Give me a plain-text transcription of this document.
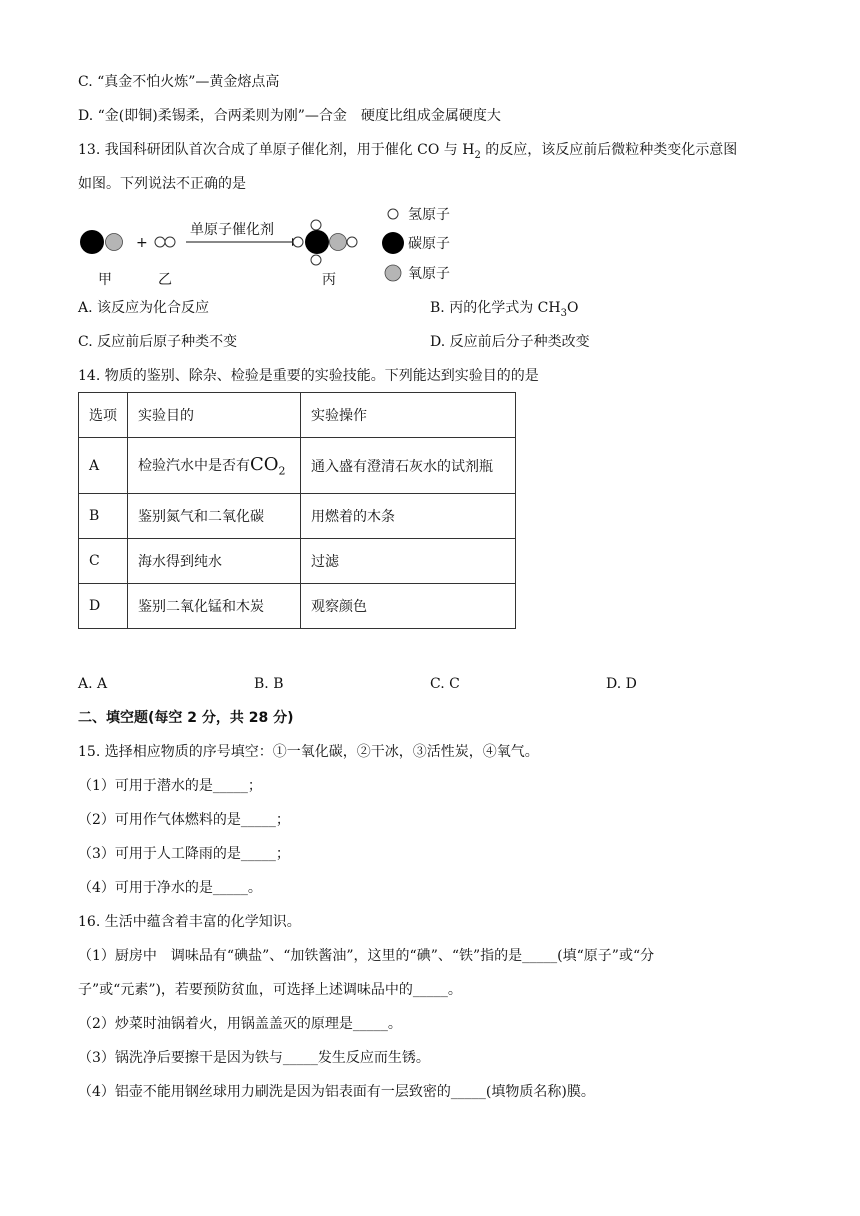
C. “真金不怕火炼”—黄金熔点高
D. “金(即铜)柔锡柔，合两柔则为刚”—合金　硬度比组成金属硬度大
13. 我国科研团队首次合成了单原子催化剂，用于催化 CO 与 $H_2$ 的反应，该反应前后微粒种类变化示意图
如图。下列说法不正确的是
+
单原子催化剂
氢原子
碳原子
氧原子
甲	乙	丙
A. 该反应为化合反应	B. 丙的化学式为 $CH_3O$
C. 反应前后原子种类不变	D. 反应前后分子种类改变
14. 物质的鉴别、除杂、检验是重要的实验技能。下列能达到实验目的的是
选项	实验目的	实验操作
A	检验汽水中是否有$CO_2$	通入盛有澄清石灰水的试剂瓶
B	鉴别氮气和二氧化碳	用燃着的木条
C	海水得到纯水	过滤
D	鉴别二氧化锰和木炭	观察颜色
A. A	B. B	C. C	D. D
二、填空题(每空 2 分，共 28 分)
15. 选择相应物质的序号填空：①一氧化碳，②干冰，③活性炭，④氧气。
（1）可用于潜水的是_____；
（2）可用作气体燃料的是_____；
（3）可用于人工降雨的是_____；
（4）可用于净水的是_____。
16. 生活中蕴含着丰富的化学知识。
（1）厨房中　调味品有“碘盐”、“加铁酱油”，这里的“碘”、“铁”指的是_____(填“原子”或“分
子”或“元素”)，若要预防贫血，可选择上述调味品中的_____。
（2）炒菜时油锅着火，用锅盖盖灭的原理是_____。
（3）锅洗净后要擦干是因为铁与_____发生反应而生锈。
（4）铝壶不能用钢丝球用力刷洗是因为铝表面有一层致密的_____(填物质名称)膜。
